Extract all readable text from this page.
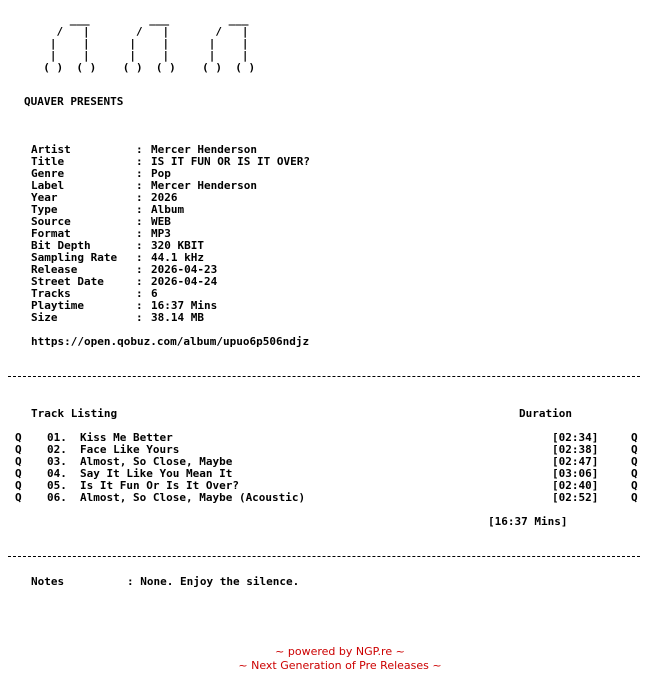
___         ___         ___
/   |       /   |       /   |
|    |      |    |      |    |
|    |      |    |      |    |
( )  ( )    ( )  ( )    ( )  ( )
QUAVER PRESENTS
Artist	: Mercer Henderson
Title	: IS IT FUN OR IS IT OVER?
Genre	: Pop
Label	: Mercer Henderson
Year	: 2026
Type	: Album
Source	: WEB
Format	: MP3
Bit Depth	: 320 KBIT
Sampling Rate	: 44.1 kHz
Release	: 2026-04-23
Street Date	: 2026-04-24
Tracks	: 6
Playtime	: 16:37 Mins
Size	: 38.14 MB
https://open.qobuz.com/album/upuo6p506ndjz
Track Listing	Duration
Q 01. Kiss Me Better	[02:34]	Q
Q 02. Face Like Yours	[02:38]	Q
Q 03. Almost, So Close, Maybe	[02:47]	Q
Q 04. Say It Like You Mean It	[03:06]	Q
Q 05. Is It Fun Or Is It Over?	[02:40]	Q
Q 06. Almost, So Close, Maybe (Acoustic)	[02:52]	Q
[16:37 Mins]
Notes	: None. Enjoy the silence.
~ powered by NGP.re ~
~ Next Generation of Pre Releases ~
